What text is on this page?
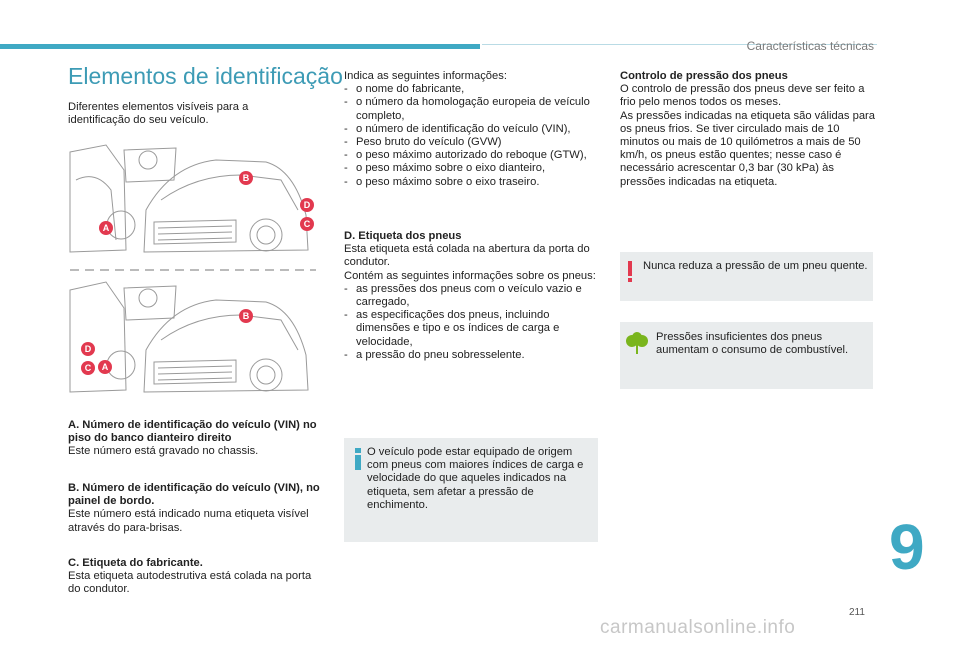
Características técnicas
Elementos de identificação
Diferentes elementos visíveis para a identificação do seu veículo.
B
D
C
A
B
D
C A
A. Número de identificação do veículo (VIN) no piso do banco dianteiro direito
Este número está gravado no chassis.
B. Número de identificação do veículo (VIN), no painel de bordo.
Este número está indicado numa etiqueta visível através do para-brisas.
C. Etiqueta do fabricante.
Esta etiqueta autodestrutiva está colada na porta do condutor.
Indica as seguintes informações:
- o nome do fabricante,
- o número da homologação europeia de veículo completo,
- o número de identificação do veículo (VIN),
- Peso bruto do veículo (GVW)
- o peso máximo autorizado do reboque (GTW),
- o peso máximo sobre o eixo dianteiro,
- o peso máximo sobre o eixo traseiro.
D. Etiqueta dos pneus
Esta etiqueta está colada na abertura da porta do condutor.
Contém as seguintes informações sobre os pneus:
- as pressões dos pneus com o veículo vazio e carregado,
- as especificações dos pneus, incluindo dimensões e tipo e os índices de carga e velocidade,
- a pressão do pneu sobresselente.
O veículo pode estar equipado de origem com pneus com maiores índices de carga e velocidade do que aqueles indicados na etiqueta, sem afetar a pressão de enchimento.
Controlo de pressão dos pneus
O controlo de pressão dos pneus deve ser feito a frio pelo menos todos os meses.
As pressões indicadas na etiqueta são válidas para os pneus frios. Se tiver circulado mais de 10 minutos ou mais de 10 quilómetros a mais de 50 km/h, os pneus estão quentes; nesse caso é necessário acrescentar 0,3 bar (30 kPa) às pressões indicadas na etiqueta.
Nunca reduza a pressão de um pneu quente.
Pressões insuficientes dos pneus aumentam o consumo de combustível.
9
211
carmanualsonline.info
